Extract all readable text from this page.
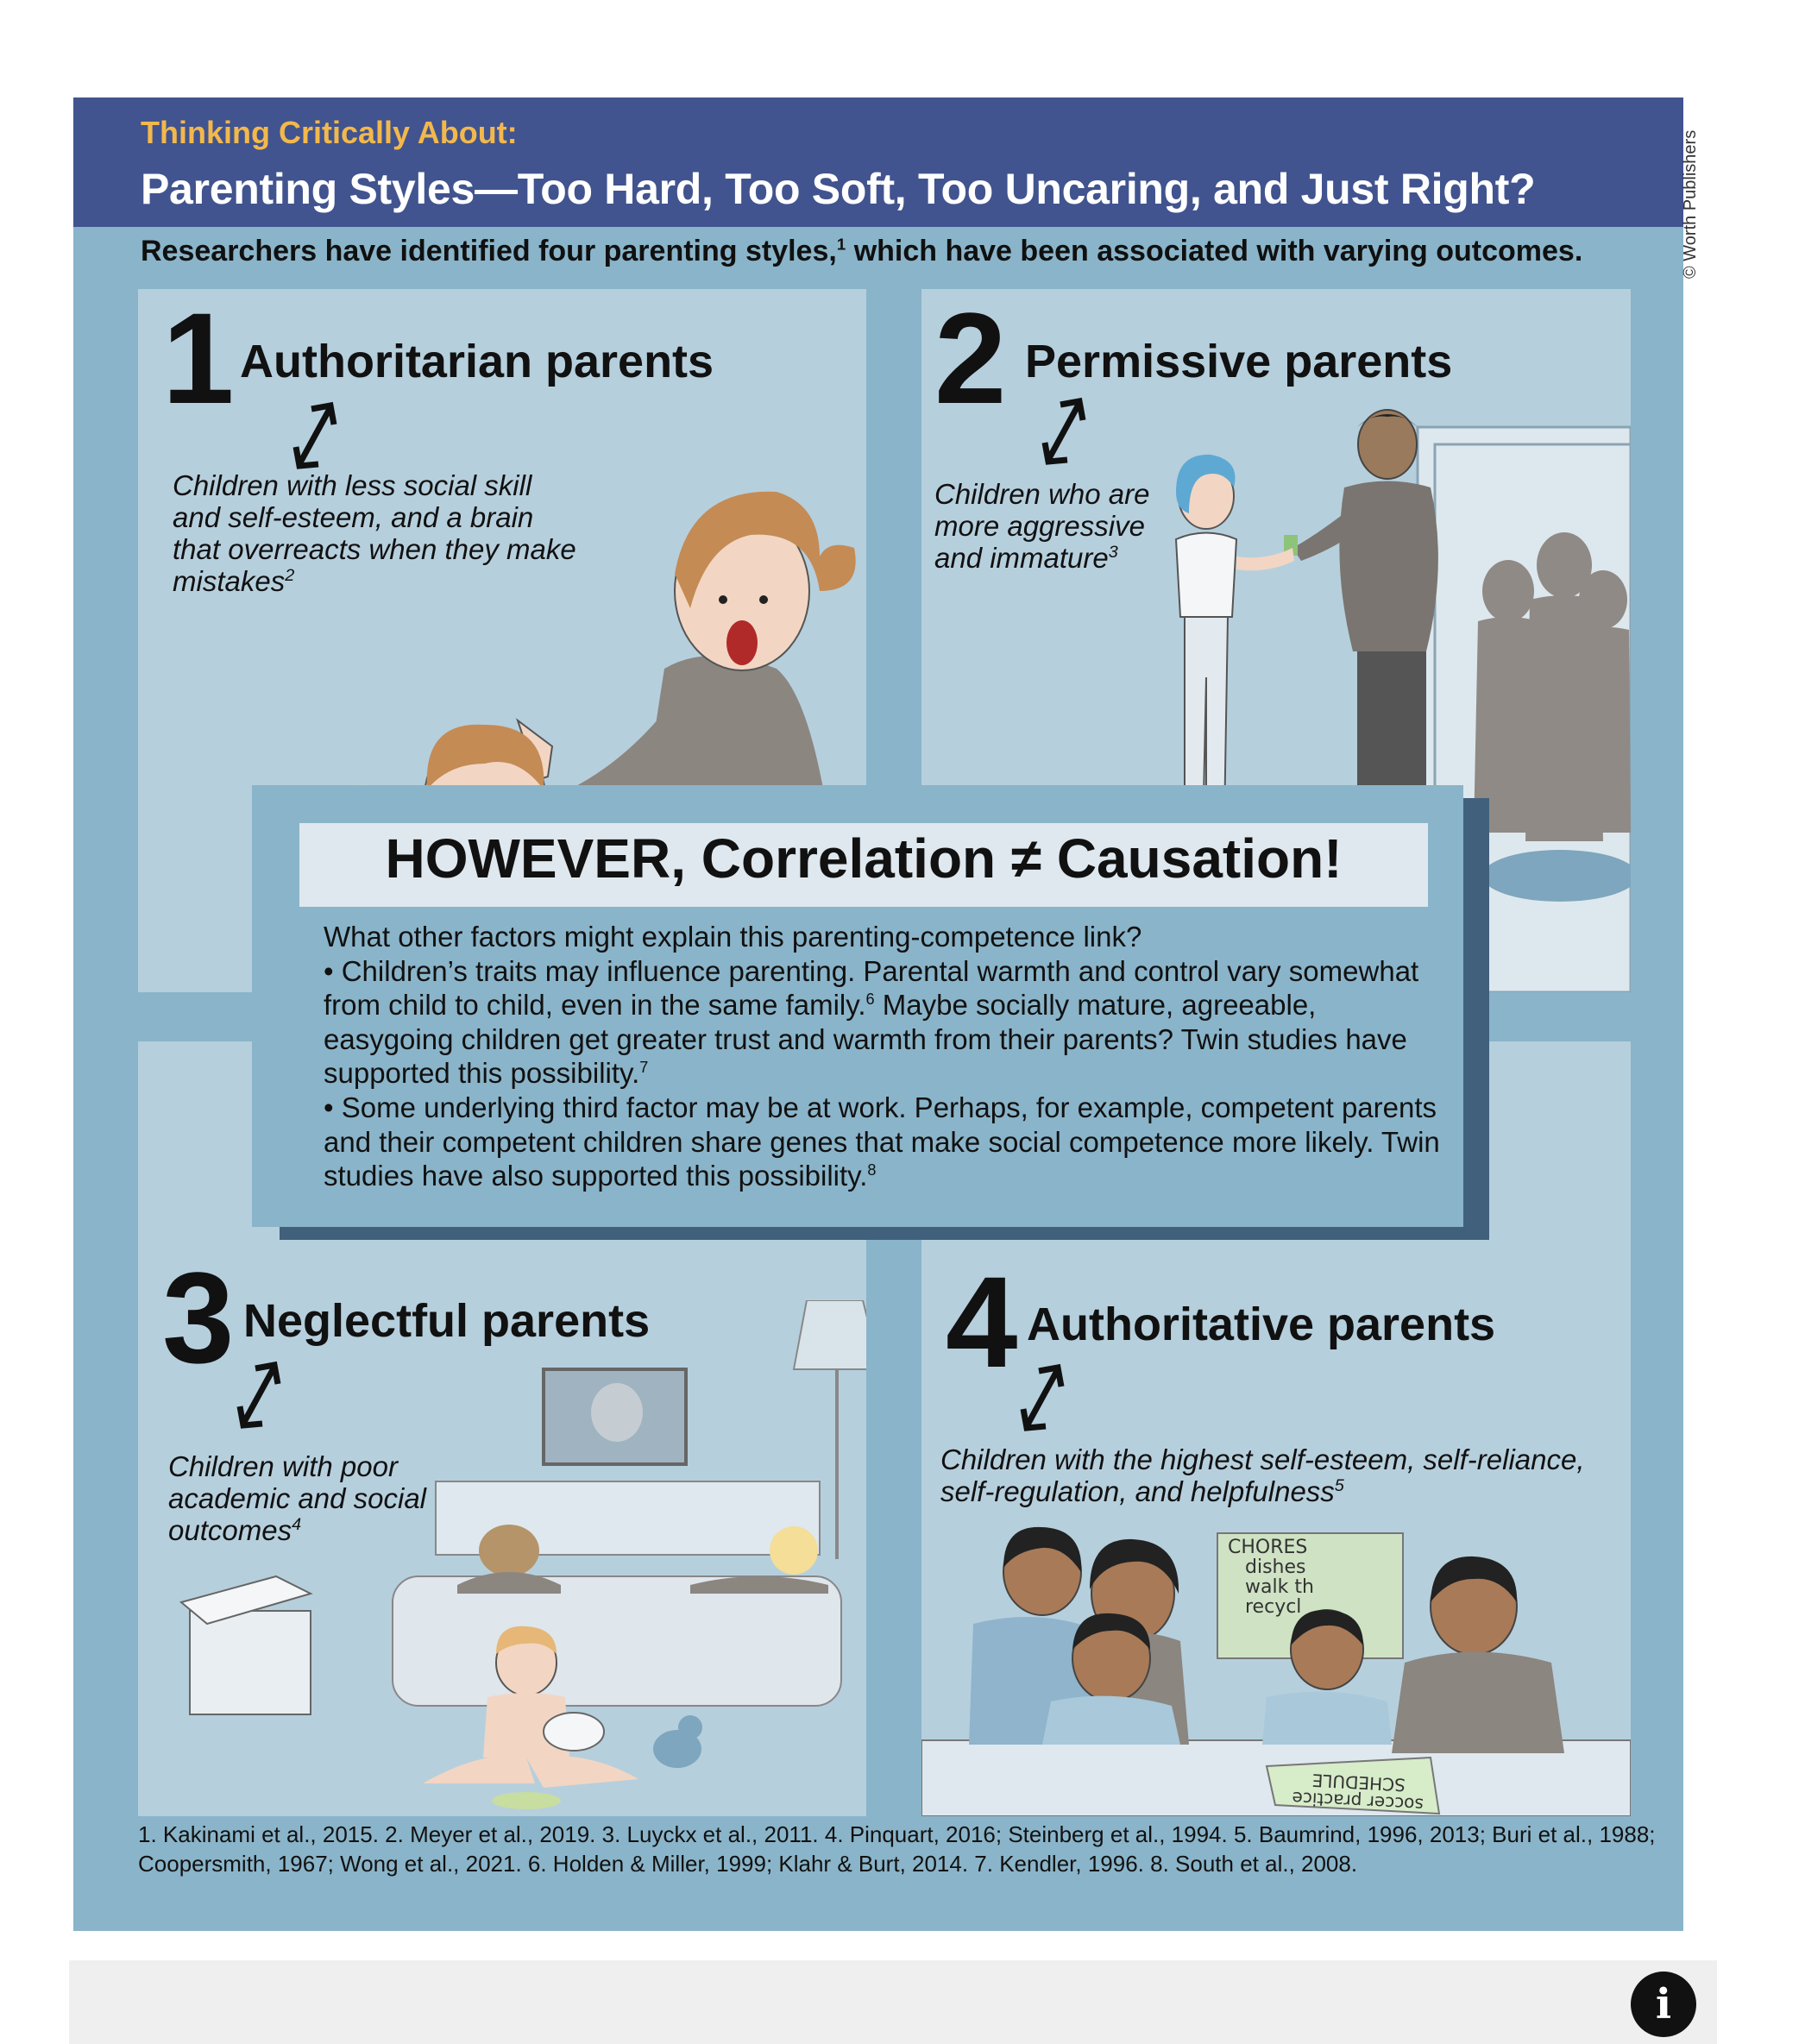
Thinking Critically About:
Parenting Styles—Too Hard, Too Soft, Too Uncaring, and Just Right?
Researchers have identified four parenting styles,$^1$ which have been associated with varying outcomes.	© Worth Publishers
1 Authoritarian parents
Children with less social skill and self-esteem, and a brain that overreacts when they make mistakes$^2$
2 Permissive parents
Children who are more aggressive and immature$^3$
3 Neglectful parents
Children with poor academic and social outcomes$^4$
4 Authoritative parents
Children with the highest self-esteem, self-reliance, self-regulation, and helpfulness$^5$
CHORES
dishes
walk th
recycl
soccer practice
SCHEDULE
HOWEVER, Correlation ≠ Causation!

What other factors might explain this parenting-competence link?

• Children’s traits may influence parenting. Parental warmth and control vary somewhat from child to child, even in the same family.$^6$ Maybe socially mature, agreeable, easygoing children get greater trust and warmth from their parents? Twin studies have supported this possibility.$^7$

• Some underlying third factor may be at work. Perhaps, for example, competent parents and their competent children share genes that make social competence more likely. Twin studies have also supported this possibility.$^8$

1. Kakinami et al., 2015. 2. Meyer et al., 2019. 3. Luyckx et al., 2011. 4. Pinquart, 2016; Steinberg et al., 1994. 5. Baumrind, 1996, 2013; Buri et al., 1988; Coopersmith, 1967; Wong et al., 2021. 6. Holden & Miller, 1999; Klahr & Burt, 2014. 7. Kendler, 1996. 8. South et al., 2008.
i
